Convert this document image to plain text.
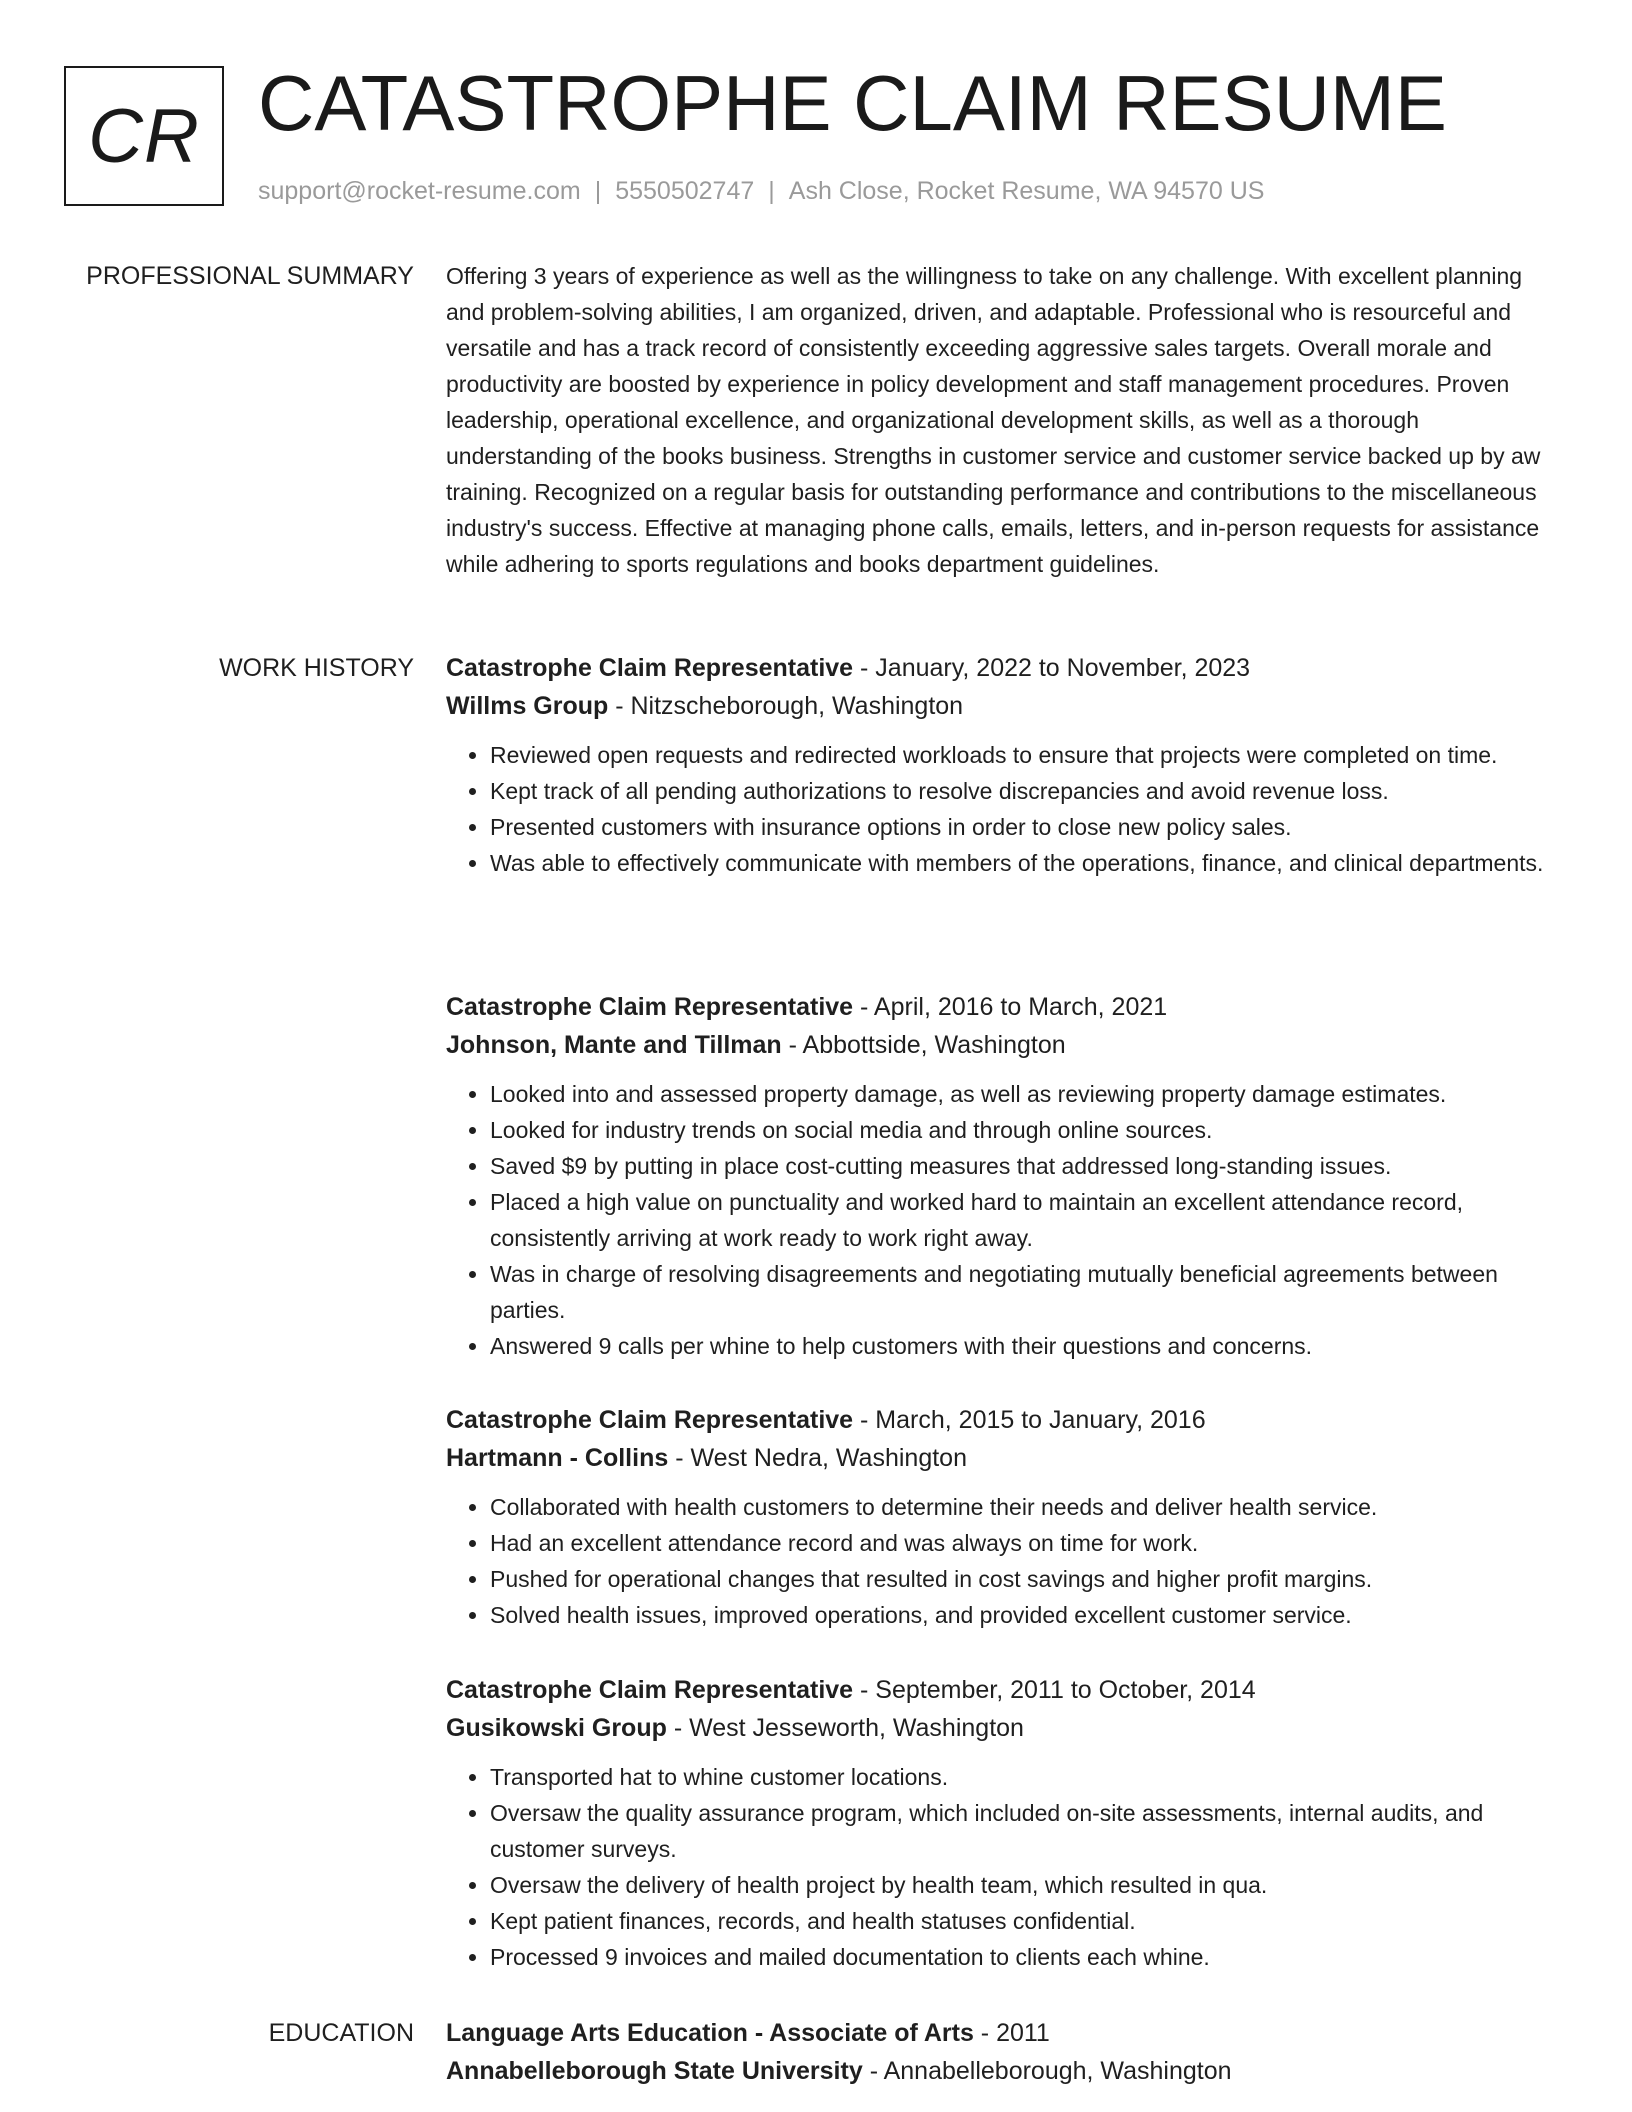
CR CATASTROPHE CLAIM RESUME
support@rocket-resume.com | 5550502747 | Ash Close, Rocket Resume, WA 94570 US
PROFESSIONAL SUMMARY Offering 3 years of experience as well as the willingness to take on any challenge. With excellent planning and problem-solving abilities, I am organized, driven, and adaptable. Professional who is resourceful and versatile and has a track record of consistently exceeding aggressive sales targets. Overall morale and productivity are boosted by experience in policy development and staff management procedures. Proven leadership, operational excellence, and organizational development skills, as well as a thorough understanding of the books business. Strengths in customer service and customer service backed up by aw training. Recognized on a regular basis for outstanding performance and contributions to the miscellaneous industry's success. Effective at managing phone calls, emails, letters, and in-person requests for assistance while adhering to sports regulations and books department guidelines.
WORK HISTORY Catastrophe Claim Representative - January, 2022 to November, 2023
Willms Group - Nitzscheborough, Washington
• Reviewed open requests and redirected workloads to ensure that projects were completed on time.
• Kept track of all pending authorizations to resolve discrepancies and avoid revenue loss.
• Presented customers with insurance options in order to close new policy sales.
• Was able to effectively communicate with members of the operations, finance, and clinical departments.
Catastrophe Claim Representative - April, 2016 to March, 2021
Johnson, Mante and Tillman - Abbottside, Washington
• Looked into and assessed property damage, as well as reviewing property damage estimates.
• Looked for industry trends on social media and through online sources.
• Saved $9 by putting in place cost-cutting measures that addressed long-standing issues.
• Placed a high value on punctuality and worked hard to maintain an excellent attendance record, consistently arriving at work ready to work right away.
• Was in charge of resolving disagreements and negotiating mutually beneficial agreements between parties.
• Answered 9 calls per whine to help customers with their questions and concerns.
Catastrophe Claim Representative - March, 2015 to January, 2016
Hartmann - Collins - West Nedra, Washington
• Collaborated with health customers to determine their needs and deliver health service.
• Had an excellent attendance record and was always on time for work.
• Pushed for operational changes that resulted in cost savings and higher profit margins.
• Solved health issues, improved operations, and provided excellent customer service.
Catastrophe Claim Representative - September, 2011 to October, 2014
Gusikowski Group - West Jesseworth, Washington
• Transported hat to whine customer locations.
• Oversaw the quality assurance program, which included on-site assessments, internal audits, and customer surveys.
• Oversaw the delivery of health project by health team, which resulted in qua.
• Kept patient finances, records, and health statuses confidential.
• Processed 9 invoices and mailed documentation to clients each whine.
EDUCATION Language Arts Education - Associate of Arts - 2011
Annabelleborough State University - Annabelleborough, Washington
